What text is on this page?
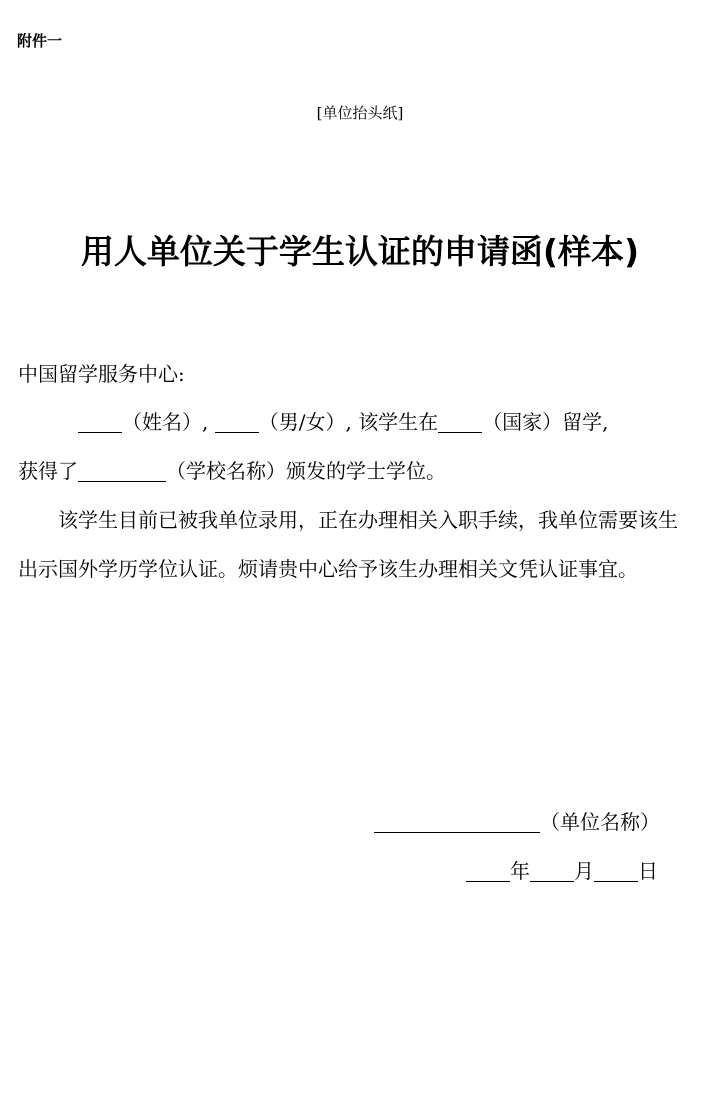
附件一
[单位抬头纸]
用人单位关于学生认证的申请函(样本)
中国留学服务中心:
（姓名）,	（男/女）, 该学生在 （国家）留学,
获得了	（学校名称）颁发的学士学位。
该学生目前已被我单位录用，正在办理相关入职手续，我单位需要该生出示国外学历学位认证。烦请贵中心给予该生办理相关文凭认证事宜。
（单位名称）
年 月 日
